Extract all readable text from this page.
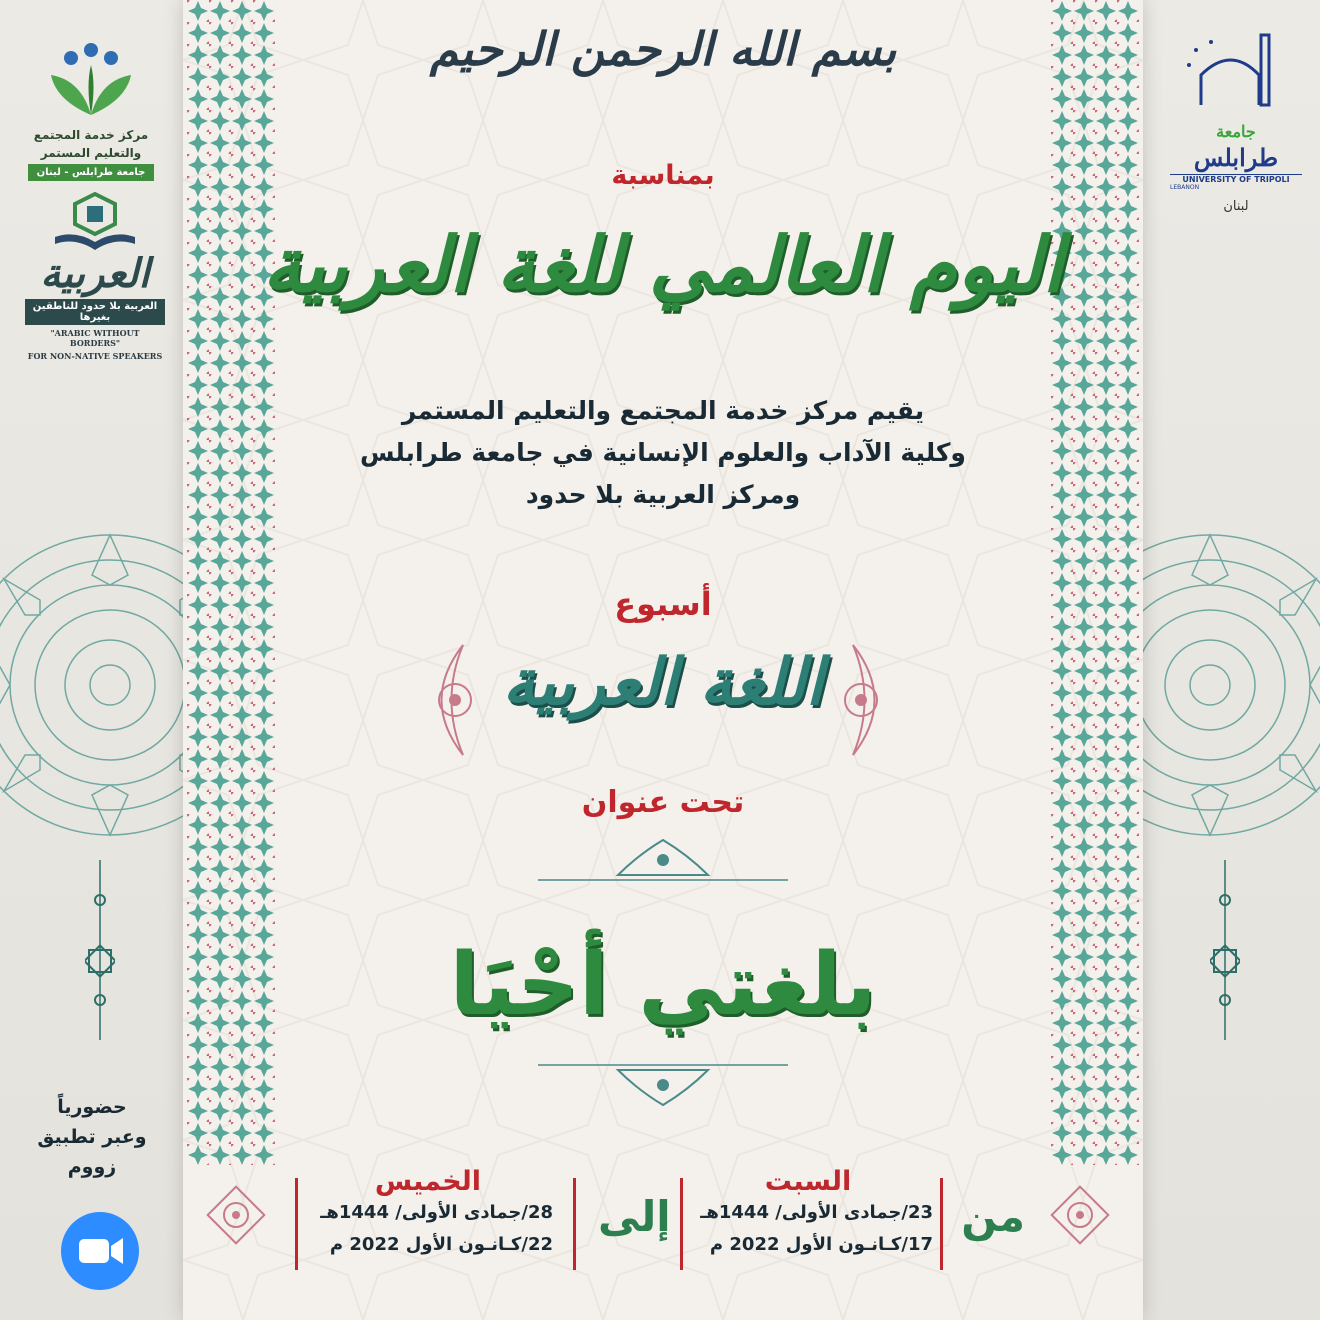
مركز خدمة المجتمع
والتعليم المستمر
جامعة طرابلس - لبنان
العربية
العربية بلا حدود للناطقين بغيرها
"ARABIC WITHOUT BORDERS"
FOR NON-NATIVE SPEAKERS
جامعة طرابلس
UNIVERSITY OF TRIPOLI
LEBANON
لبنان
بسم الله الرحمن الرحيم
بمناسبة
اليوم العالمي للغة العربية
يقيم مركز خدمة المجتمع والتعليم المستمر
وكلية الآداب والعلوم الإنسانية في جامعة طرابلس
ومركز العربية بلا حدود
أسبوع
اللغة العربية
تحت عنوان
بلغتي أحْيَا
من
السبت
23/جمادى الأولى/ 1444هـ
17/كـانـون الأول 2022 م
إلى
الخميس
28/جمادى الأولى/ 1444هـ
22/كـانـون الأول 2022 م
حضورياً
وعبر تطبيق
زووم
